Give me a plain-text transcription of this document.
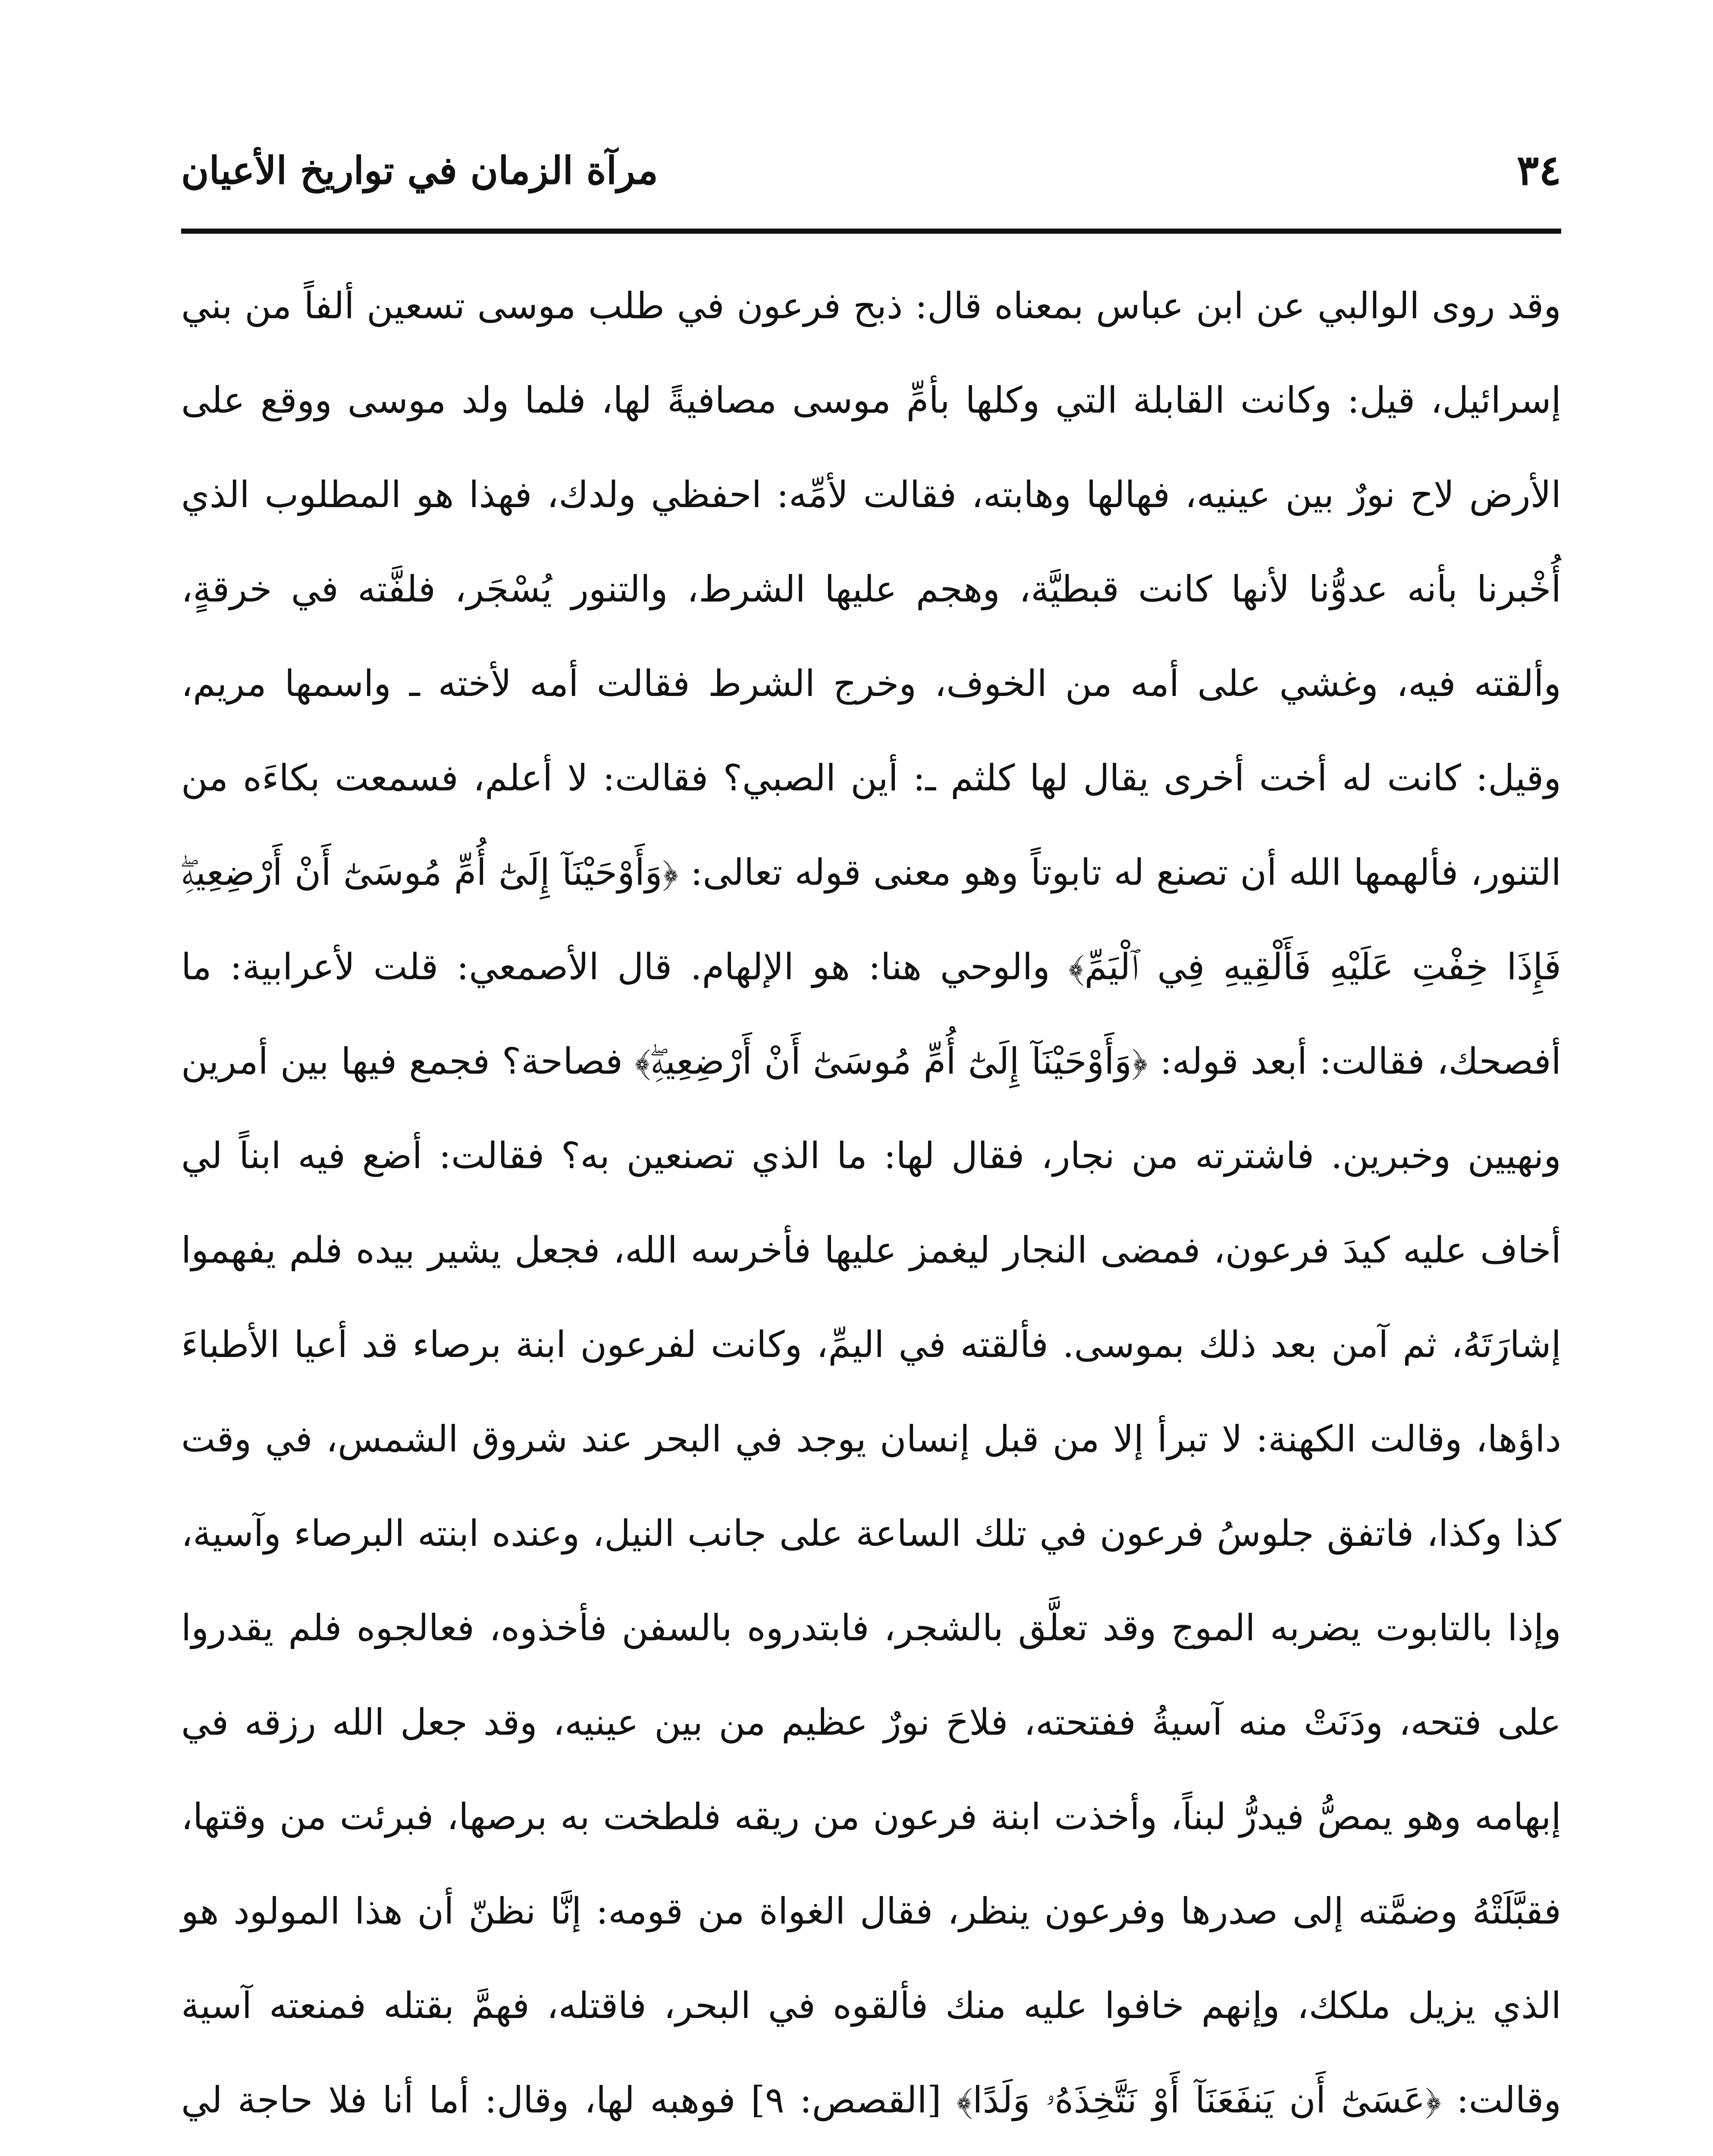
٣٤
مرآة الزمان في تواريخ الأعيان

وقد روى الوالبي عن ابن عباس بمعناه قال: ذبح فرعون في طلب موسى تسعين ألفاً من بني إسرائيل، قيل: وكانت القابلة التي وكلها بأمِّ موسى مصافيةً لها، فلما ولد موسى ووقع على الأرض لاح نورٌ بين عينيه، فهالها وهابته، فقالت لأمِّه: احفظي ولدك، فهذا هو المطلوب الذي أُخْبرنا بأنه عدوُّنا لأنها كانت قبطيَّة، وهجم عليها الشرط، والتنور يُسْجَر، فلفَّته في خرقةٍ، وألقته فيه، وغشي على أمه من الخوف، وخرج الشرط فقالت أمه لأخته ـ واسمها مريم، وقيل: كانت له أخت أخرى يقال لها كلثم ـ: أين الصبي؟ فقالت: لا أعلم، فسمعت بكاءَه من التنور، فألهمها الله أن تصنع له تابوتاً وهو معنى قوله تعالى: ﴿وَأَوْحَيْنَآ إِلَىٰٓ أُمِّ مُوسَىٰٓ أَنْ أَرْضِعِيهِۖ فَإِذَا خِفْتِ عَلَيْهِ فَأَلْقِيهِ فِي ٱلْيَمِّ﴾ والوحي هنا: هو الإلهام. قال الأصمعي: قلت لأعرابية: ما أفصحك، فقالت: أبعد قوله: ﴿وَأَوْحَيْنَآ إِلَىٰٓ أُمِّ مُوسَىٰٓ أَنْ أَرْضِعِيهِۖ﴾ فصاحة؟ فجمع فيها بين أمرين ونهيين وخبرين. فاشترته من نجار، فقال لها: ما الذي تصنعين به؟ فقالت: أضع فيه ابناً لي أخاف عليه كيدَ فرعون، فمضى النجار ليغمز عليها فأخرسه الله، فجعل يشير بيده فلم يفهموا إشارَتَهُ، ثم آمن بعد ذلك بموسى. فألقته في اليمِّ، وكانت لفرعون ابنة برصاء قد أعيا الأطباءَ داؤها، وقالت الكهنة: لا تبرأ إلا من قبل إنسان يوجد في البحر عند شروق الشمس، في وقت كذا وكذا، فاتفق جلوسُ فرعون في تلك الساعة على جانب النيل، وعنده ابنته البرصاء وآسية، وإذا بالتابوت يضربه الموج وقد تعلَّق بالشجر، فابتدروه بالسفن فأخذوه، فعالجوه فلم يقدروا على فتحه، ودَنَتْ منه آسيةُ ففتحته، فلاحَ نورٌ عظيم من بين عينيه، وقد جعل الله رزقه في إبهامه وهو يمصُّ فيدرُّ لبناً، وأخذت ابنة فرعون من ريقه فلطخت به برصها، فبرئت من وقتها، فقبَّلَتْهُ وضمَّته إلى صدرها وفرعون ينظر، فقال الغواة من قومه: إنَّا نظنّ أن هذا المولود هو الذي يزيل ملكك، وإنهم خافوا عليه منك فألقوه في البحر، فاقتله، فهمَّ بقتله فمنعته آسية وقالت: ﴿عَسَىٰٓ أَن يَنفَعَنَآ أَوْ نَتَّخِذَهُۥ وَلَدًا﴾ [القصص: ٩] فوهبه لها، وقال: أما أنا فلا حاجة لي
